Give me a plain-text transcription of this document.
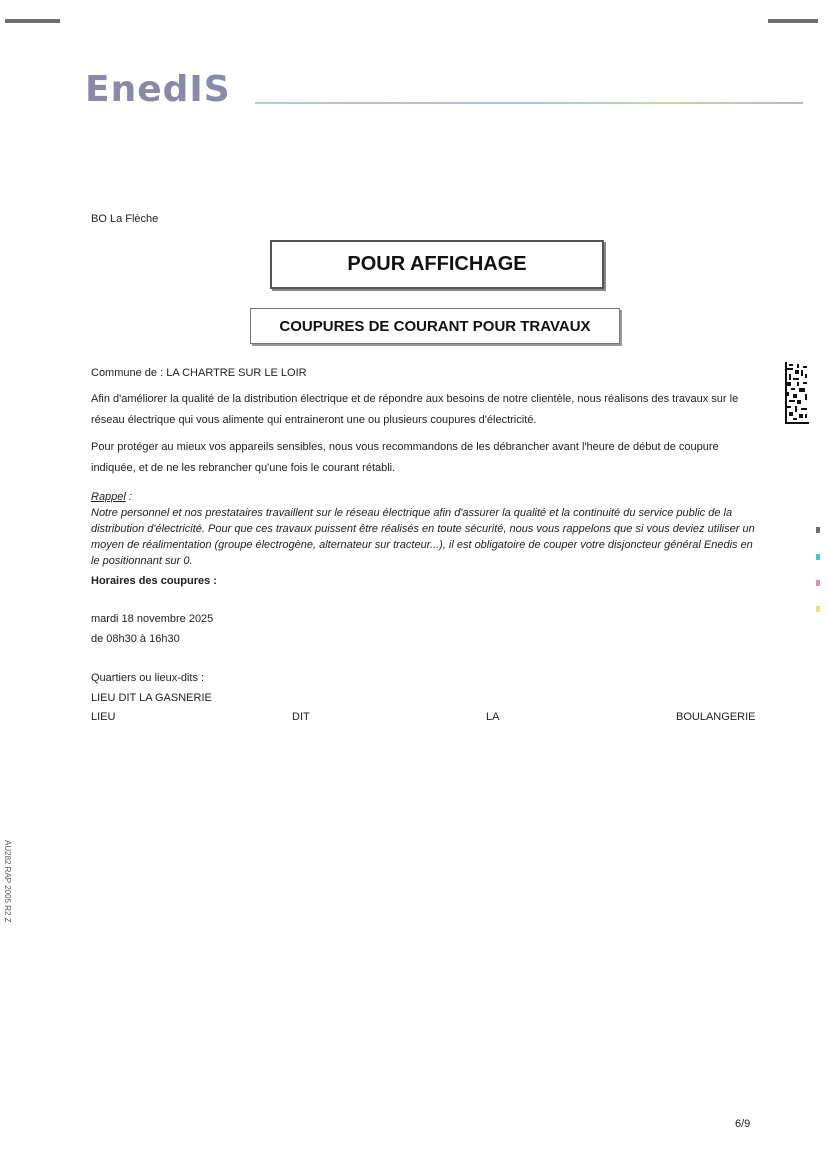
EnedIS
BO La Flèche
POUR AFFICHAGE
COUPURES DE COURANT POUR TRAVAUX
Commune de : LA CHARTRE SUR LE LOIR
Afin d'améliorer la qualité de la distribution électrique et de répondre aux besoins de notre clientèle, nous réalisons des travaux sur le réseau électrique qui vous alimente qui entraineront une ou plusieurs coupures d'électricité.
Pour protéger au mieux vos appareils sensibles, nous vous recommandons de les débrancher avant l'heure de début de coupure indiquée, et de ne les rebrancher qu'une fois le courant rétabli.
Rappel :
Notre personnel et nos prestataires travaillent sur le réseau électrique afin d'assurer la qualité et la continuité du service public de la distribution d'électricité. Pour que ces travaux puissent être réalisés en toute sécurité, nous vous rappelons que si vous deviez utiliser un moyen de réalimentation (groupe électrogène, alternateur sur tracteur...), il est obligatoire de couper votre disjoncteur général Enedis en le positionnant sur 0.
Horaires des coupures :
mardi 18 novembre 2025
de 08h30 à 16h30
Quartiers ou lieux-dits :
LIEU DIT LA GASNERIE
LIEU	DIT	LA	BOULANGERIE
AU282 RAP 2005 R2 Z
6/9
